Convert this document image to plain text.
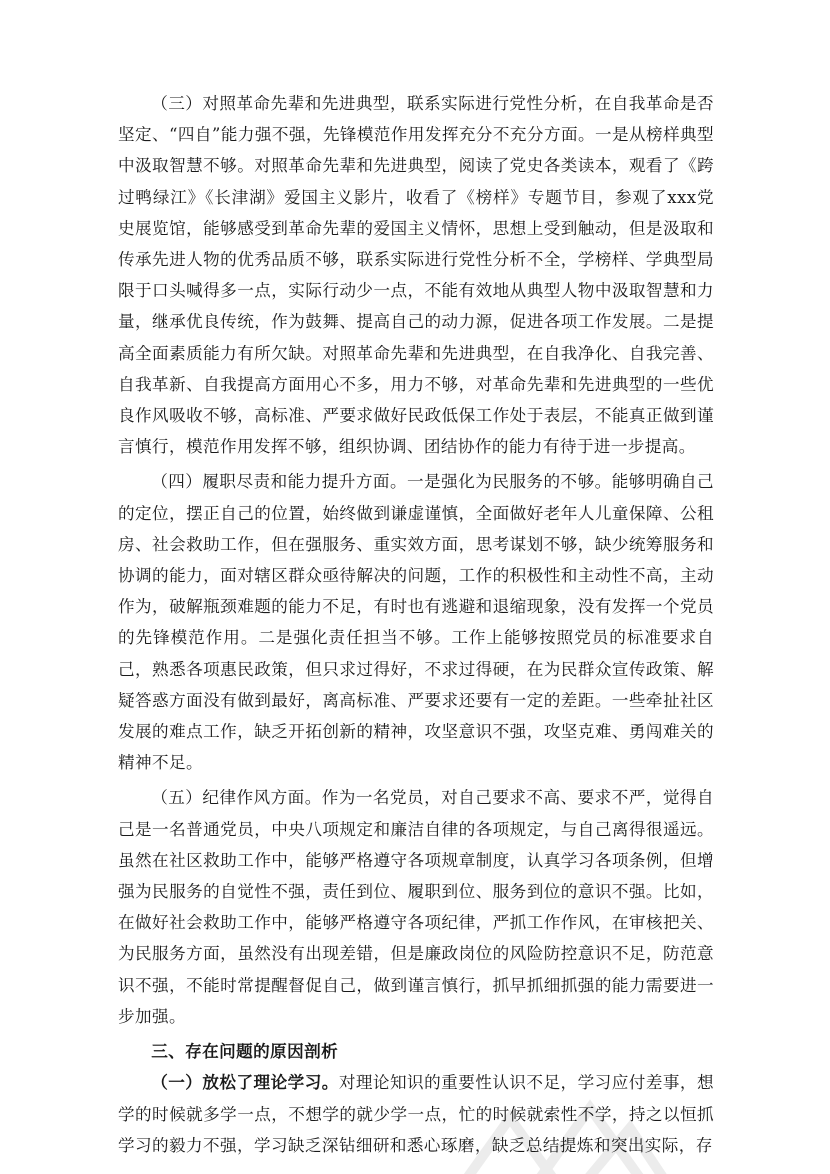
（三）对照革命先辈和先进典型，联系实际进行党性分析，在自我革命是否坚定、“四自”能力强不强，先锋模范作用发挥充分不充分方面。一是从榜样典型中汲取智慧不够。对照革命先辈和先进典型，阅读了党史各类读本，观看了《跨过鸭绿江》《长津湖》爱国主义影片，收看了《榜样》专题节目，参观了xxx党史展览馆，能够感受到革命先辈的爱国主义情怀，思想上受到触动，但是汲取和传承先进人物的优秀品质不够，联系实际进行党性分析不全，学榜样、学典型局限于口头喊得多一点，实际行动少一点，不能有效地从典型人物中汲取智慧和力量，继承优良传统，作为鼓舞、提高自己的动力源，促进各项工作发展。二是提高全面素质能力有所欠缺。对照革命先辈和先进典型，在自我净化、自我完善、自我革新、自我提高方面用心不多，用力不够，对革命先辈和先进典型的一些优良作风吸收不够，高标准、严要求做好民政低保工作处于表层，不能真正做到谨言慎行，模范作用发挥不够，组织协调、团结协作的能力有待于进一步提高。

（四）履职尽责和能力提升方面。一是强化为民服务的不够。能够明确自己的定位，摆正自己的位置，始终做到谦虚谨慎，全面做好老年人儿童保障、公租房、社会救助工作，但在强服务、重实效方面，思考谋划不够，缺少统筹服务和协调的能力，面对辖区群众亟待解决的问题，工作的积极性和主动性不高，主动作为，破解瓶颈难题的能力不足，有时也有逃避和退缩现象，没有发挥一个党员的先锋模范作用。二是强化责任担当不够。工作上能够按照党员的标准要求自己，熟悉各项惠民政策，但只求过得好，不求过得硬，在为民群众宣传政策、解疑答惑方面没有做到最好，离高标准、严要求还要有一定的差距。一些牵扯社区发展的难点工作，缺乏开拓创新的精神，攻坚意识不强，攻坚克难、勇闯难关的精神不足。

（五）纪律作风方面。作为一名党员，对自己要求不高、要求不严，觉得自己是一名普通党员，中央八项规定和廉洁自律的各项规定，与自己离得很遥远。虽然在社区救助工作中，能够严格遵守各项规章制度，认真学习各项条例，但增强为民服务的自觉性不强，责任到位、履职到位、服务到位的意识不强。比如，在做好社会救助工作中，能够严格遵守各项纪律，严抓工作作风，在审核把关、为民服务方面，虽然没有出现差错，但是廉政岗位的风险防控意识不足，防范意识不强，不能时常提醒督促自己，做到谨言慎行，抓早抓细抓强的能力需要进一步加强。

三、存在问题的原因剖析

（一）放松了理论学习。对理论知识的重要性认识不足，学习应付差事，想学的时候就多学一点，不想学的就少学一点，忙的时候就索性不学，持之以恒抓学习的毅力不强，学习缺乏深钻细研和悉心琢磨，缺乏总结提炼和突出实际，存
